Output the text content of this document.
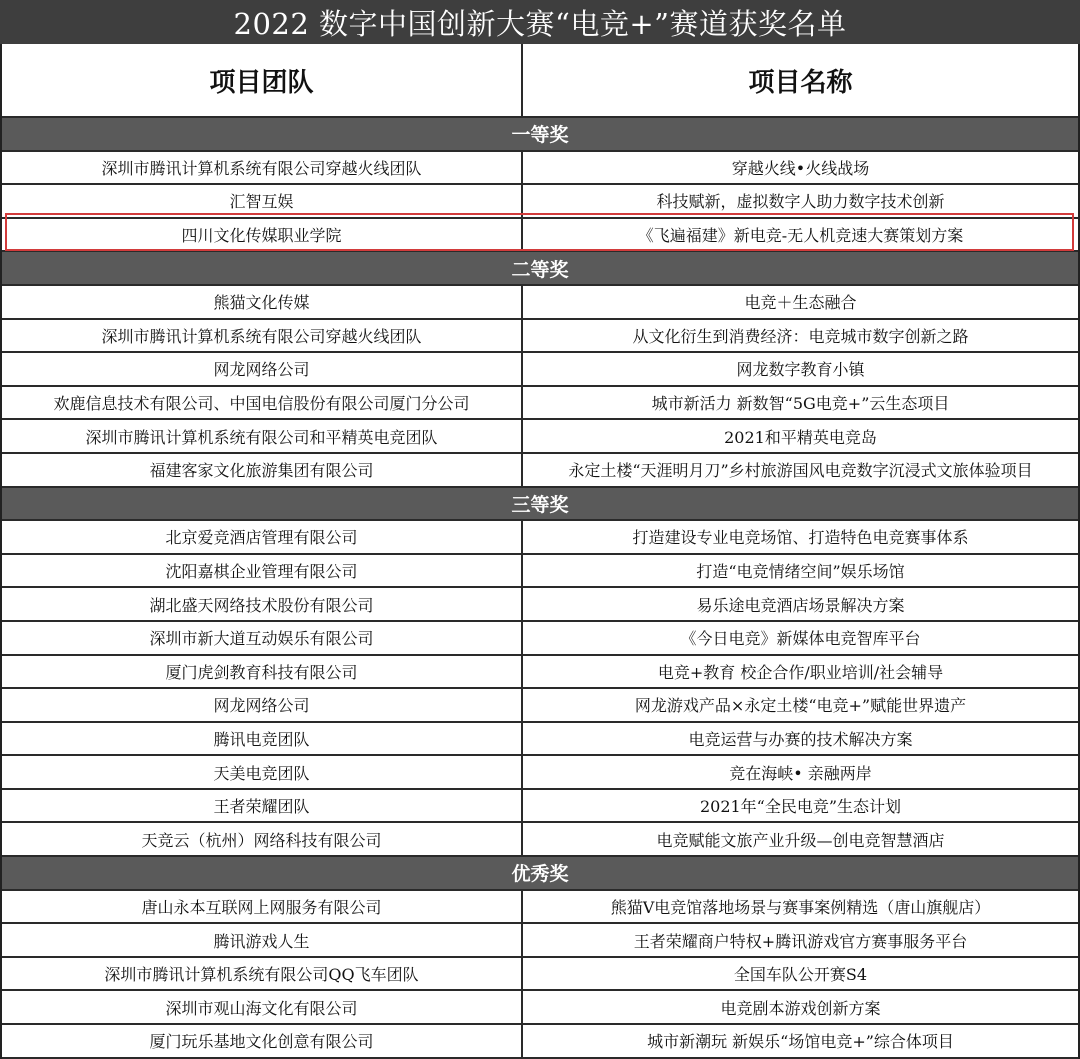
2022 数字中国创新大赛“电竞+”赛道获奖名单
项目团队	项目名称
一等奖
深圳市腾讯计算机系统有限公司穿越火线团队	穿越火线•火线战场
汇智互娱	科技赋新，虚拟数字人助力数字技术创新
四川文化传媒职业学院	《飞遍福建》新电竞-无人机竞速大赛策划方案
二等奖
熊猫文化传媒	电竞＋生态融合
深圳市腾讯计算机系统有限公司穿越火线团队	从文化衍生到消费经济：电竞城市数字创新之路
网龙网络公司	网龙数字教育小镇
欢鹿信息技术有限公司、中国电信股份有限公司厦门分公司	城市新活力 新数智“5G电竞+”云生态项目
深圳市腾讯计算机系统有限公司和平精英电竞团队	2021和平精英电竞岛
福建客家文化旅游集团有限公司	永定土楼“天涯明月刀”乡村旅游国风电竞数字沉浸式文旅体验项目
三等奖
北京爱竞酒店管理有限公司	打造建设专业电竞场馆、打造特色电竞赛事体系
沈阳嘉棋企业管理有限公司	打造“电竞情绪空间”娱乐场馆
湖北盛天网络技术股份有限公司	易乐途电竞酒店场景解决方案
深圳市新大道互动娱乐有限公司	《今日电竞》新媒体电竞智库平台
厦门虎剑教育科技有限公司	电竞+教育 校企合作/职业培训/社会辅导
网龙网络公司	网龙游戏产品×永定土楼“电竞+”赋能世界遗产
腾讯电竞团队	电竞运营与办赛的技术解决方案
天美电竞团队	竞在海峡• 亲融两岸
王者荣耀团队	2021年“全民电竞”生态计划
天竞云（杭州）网络科技有限公司	电竞赋能文旅产业升级—创电竞智慧酒店
优秀奖
唐山永本互联网上网服务有限公司	熊猫V电竞馆落地场景与赛事案例精选（唐山旗舰店）
腾讯游戏人生	王者荣耀商户特权+腾讯游戏官方赛事服务平台
深圳市腾讯计算机系统有限公司QQ飞车团队	全国车队公开赛S4
深圳市观山海文化有限公司	电竞剧本游戏创新方案
厦门玩乐基地文化创意有限公司	城市新潮玩 新娱乐“场馆电竞+”综合体项目
